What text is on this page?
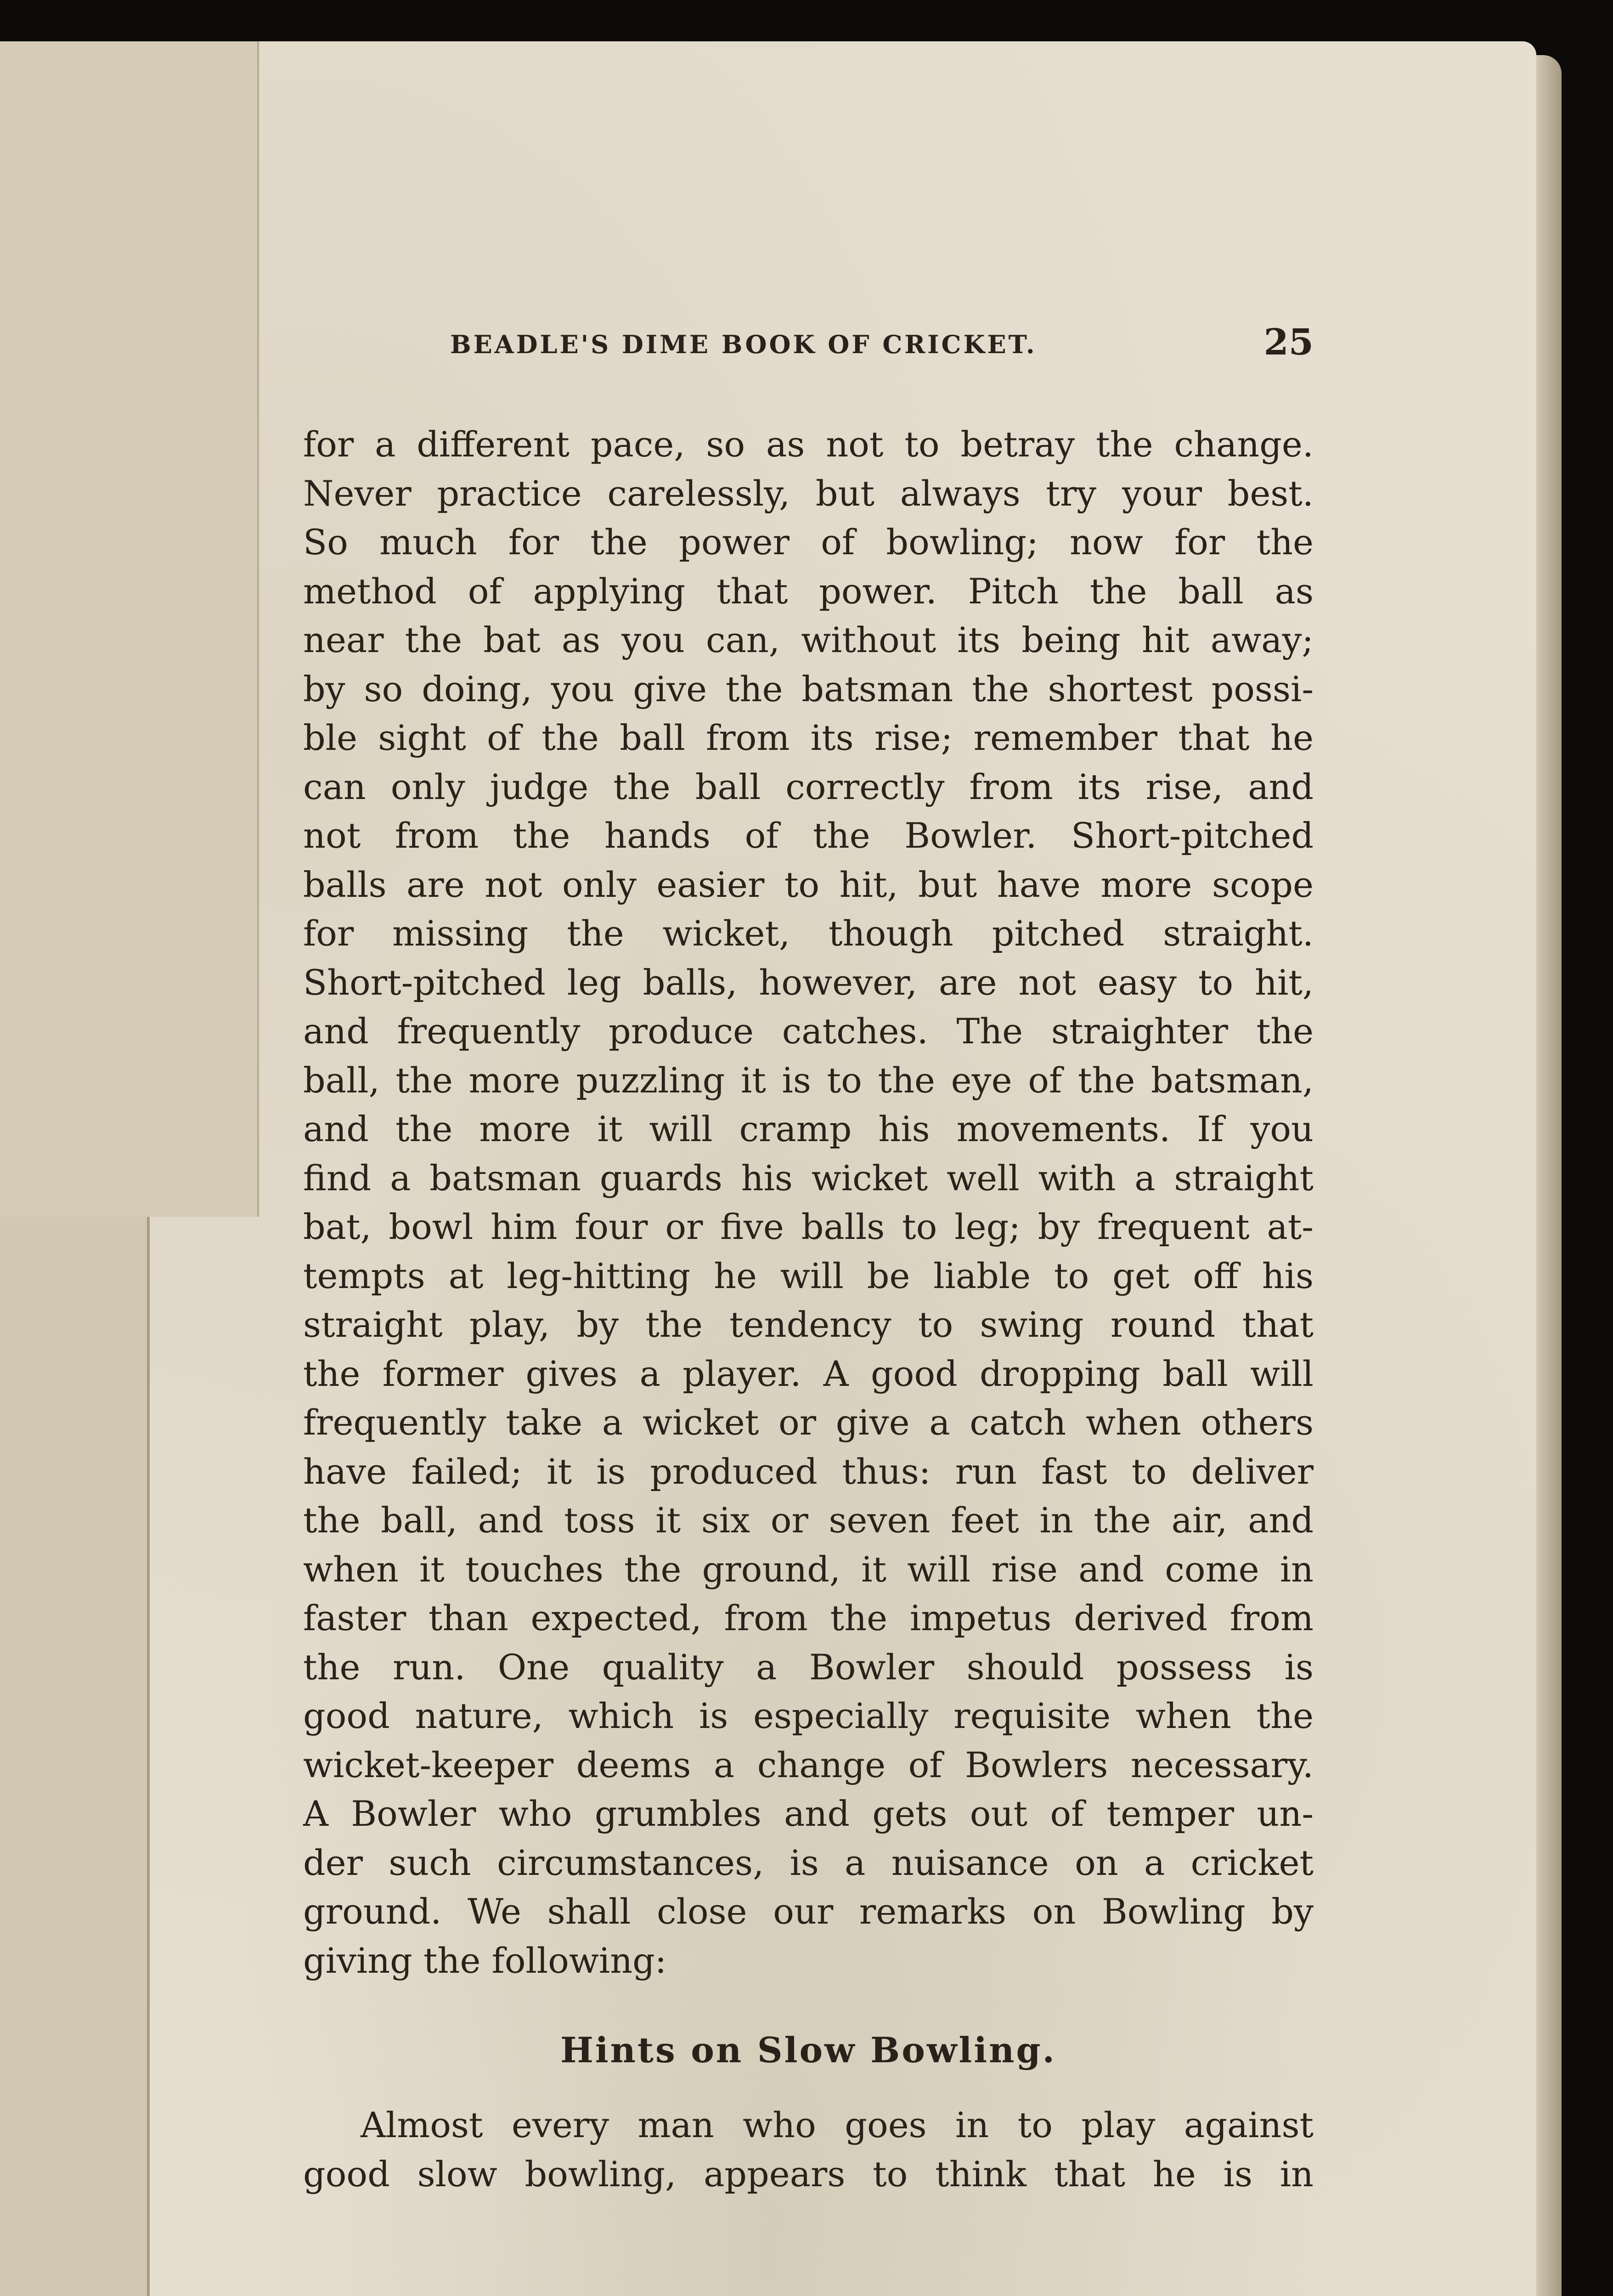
BEADLE'S DIME BOOK OF CRICKET.	25
for a different pace, so as not to betray the change.
Never practice carelessly, but always try your best.
So much for the power of bowling; now for the
method of applying that power. Pitch the ball as
near the bat as you can, without its being hit away;
by so doing, you give the batsman the shortest possi-
ble sight of the ball from its rise; remember that he
can only judge the ball correctly from its rise, and
not from the hands of the Bowler. Short-pitched
balls are not only easier to hit, but have more scope
for missing the wicket, though pitched straight.
Short-pitched leg balls, however, are not easy to hit,
and frequently produce catches. The straighter the
ball, the more puzzling it is to the eye of the batsman,
and the more it will cramp his movements. If you
find a batsman guards his wicket well with a straight
bat, bowl him four or five balls to leg; by frequent at-
tempts at leg-hitting he will be liable to get off his
straight play, by the tendency to swing round that
the former gives a player. A good dropping ball will
frequently take a wicket or give a catch when others
have failed; it is produced thus: run fast to deliver
the ball, and toss it six or seven feet in the air, and
when it touches the ground, it will rise and come in
faster than expected, from the impetus derived from
the run. One quality a Bowler should possess is
good nature, which is especially requisite when the
wicket-keeper deems a change of Bowlers necessary.
A Bowler who grumbles and gets out of temper un-
der such circumstances, is a nuisance on a cricket
ground. We shall close our remarks on Bowling by
giving the following:
Hints on Slow Bowling.
Almost every man who goes in to play against
good slow bowling, appears to think that he is in
